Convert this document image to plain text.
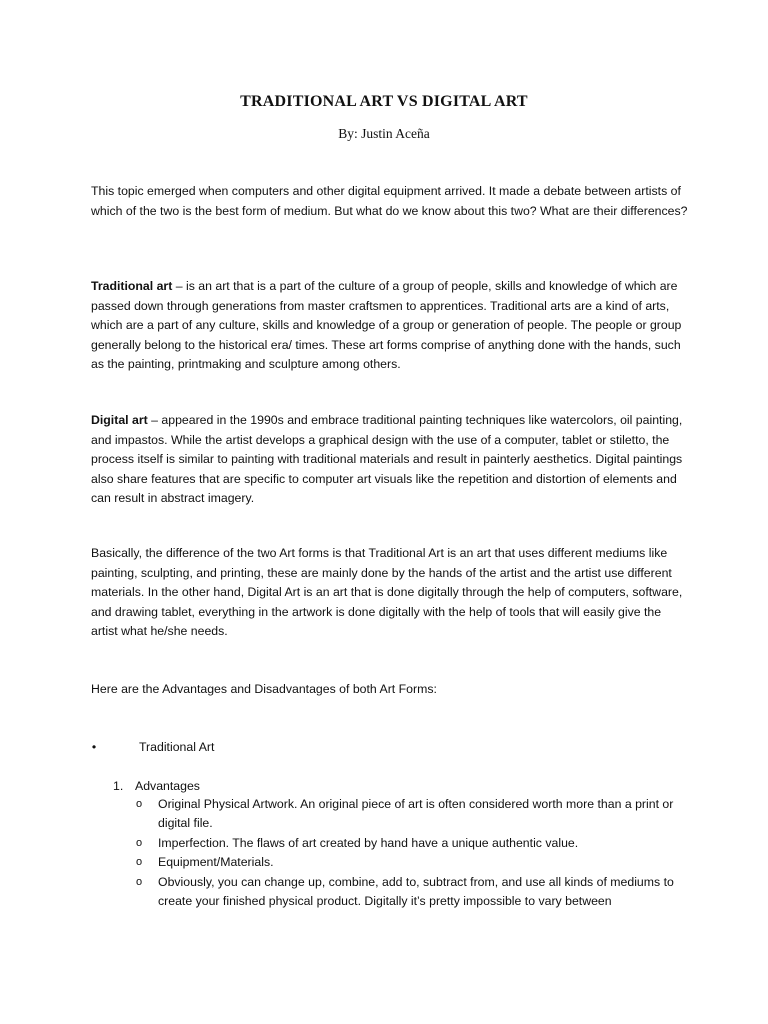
TRADITIONAL ART VS DIGITAL ART
By: Justin Aceña
This topic emerged when computers and other digital equipment arrived. It made a debate between artists of which of the two is the best form of medium. But what do we know about this two? What are their differences?
Traditional art – is an art that is a part of the culture of a group of people, skills and knowledge of which are passed down through generations from master craftsmen to apprentices. Traditional arts are a kind of arts, which are a part of any culture, skills and knowledge of a group or generation of people. The people or group generally belong to the historical era/ times. These art forms comprise of anything done with the hands, such as the painting, printmaking and sculpture among others.
Digital art – appeared in the 1990s and embrace traditional painting techniques like watercolors, oil painting, and impastos. While the artist develops a graphical design with the use of a computer, tablet or stiletto, the process itself is similar to painting with traditional materials and result in painterly aesthetics. Digital paintings also share features that are specific to computer art visuals like the repetition and distortion of elements and can result in abstract imagery.
Basically, the difference of the two Art forms is that Traditional Art is an art that uses different mediums like painting, sculpting, and printing, these are mainly done by the hands of the artist and the artist use different materials. In the other hand, Digital Art is an art that is done digitally through the help of computers, software, and drawing tablet, everything in the artwork is done digitally with the help of tools that will easily give the artist what he/she needs.
Here are the Advantages and Disadvantages of both Art Forms:
•	Traditional Art
1. Advantages
o	Original Physical Artwork. An original piece of art is often considered worth more than a print or digital file.
o	Imperfection. The flaws of art created by hand have a unique authentic value.
o	Equipment/Materials.
o	Obviously, you can change up, combine, add to, subtract from, and use all kinds of mediums to create your finished physical product. Digitally it’s pretty impossible to vary between
